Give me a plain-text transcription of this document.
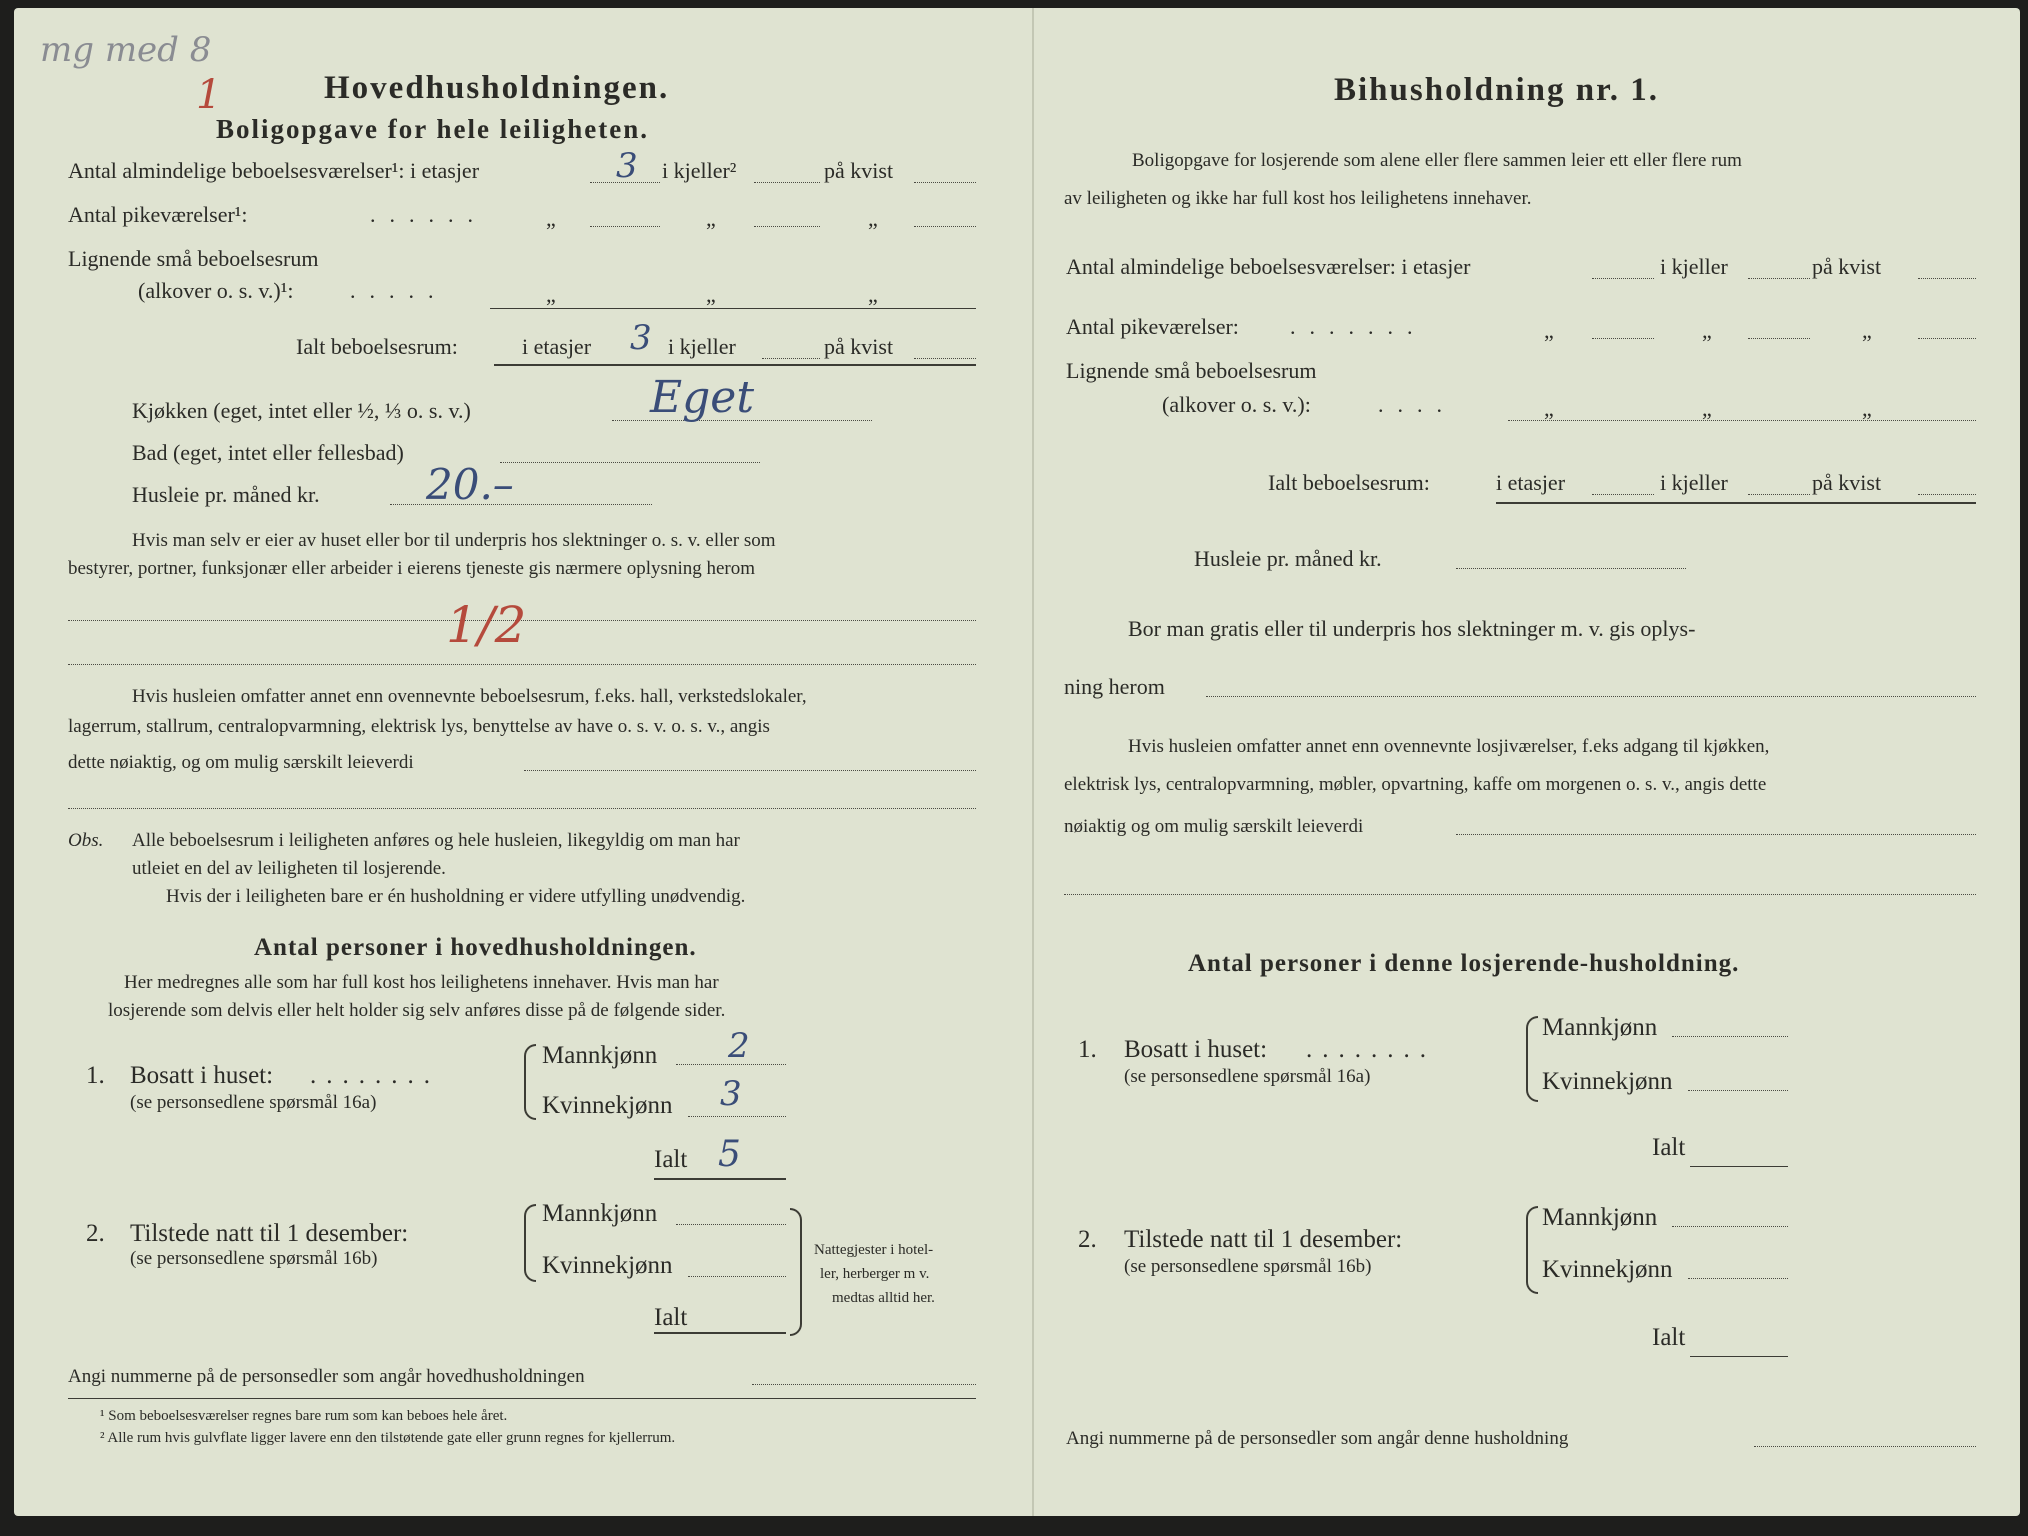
mg med 8
1	Hovedhusholdningen.
Boligopgave for hele leiligheten.
Antal almindelige beboelsesværelser¹: i etasjer	3 i kjeller²	på kvist
Antal pikeværelser¹:	......	„	„	„
Lignende små beboelsesrum
(alkover o. s. v.)¹:	.....	„	„	„
Ialt beboelsesrum:	i etasjer 3 i kjeller	på kvist
Kjøkken (eget, intet eller ½, ⅓ o. s. v.)	Eget
Bad (eget, intet eller fellesbad)
Husleie pr. måned kr.	20.–
Hvis man selv er eier av huset eller bor til underpris hos slektninger o. s. v. eller som
bestyrer, portner, funksjonær eller arbeider i eierens tjeneste gis nærmere oplysning herom
1/2
Hvis husleien omfatter annet enn ovennevnte beboelsesrum, f.eks. hall, verkstedslokaler,
lagerrum, stallrum, centralopvarmning, elektrisk lys, benyttelse av have o. s. v. o. s. v., angis
dette nøiaktig, og om mulig særskilt leieverdi
Obs. Alle beboelsesrum i leiligheten anføres og hele husleien, likegyldig om man har
utleiet en del av leiligheten til losjerende.
Hvis der i leiligheten bare er én husholdning er videre utfylling unødvendig.
Antal personer i hovedhusholdningen.
Her medregnes alle som har full kost hos leilighetens innehaver. Hvis man har
losjerende som delvis eller helt holder sig selv anføres disse på de følgende sider.
1. Bosatt i huset: ........
(se personsedlene spørsmål 16a)
Mannkjønn 2
Kvinnekjønn 3
Ialt 5
2. Tilstede natt til 1 desember:
(se personsedlene spørsmål 16b)
Mannkjønn
Kvinnekjønn
Ialt
Nattegjester i hotel-
ler, herberger m v.
medtas alltid her.
Angi nummerne på de personsedler som angår hovedhusholdningen
¹ Som beboelsesværelser regnes bare rum som kan beboes hele året.
² Alle rum hvis gulvflate ligger lavere enn den tilstøtende gate eller grunn regnes for kjellerrum.
Bihusholdning nr. 1.
Boligopgave for losjerende som alene eller flere sammen leier ett eller flere rum
av leiligheten og ikke har full kost hos leilighetens innehaver.
Antal almindelige beboelsesværelser: i etasjer	i kjeller	på kvist
Antal pikeværelser: .......	„	„	„
Lignende små beboelsesrum
(alkover o. s. v.):	....	„	„	„
Ialt beboelsesrum:	i etasjer	i kjeller	på kvist
Husleie pr. måned kr.
Bor man gratis eller til underpris hos slektninger m. v. gis oplys-
ning herom
Hvis husleien omfatter annet enn ovennevnte losjiværelser, f.eks adgang til kjøkken,
elektrisk lys, centralopvarmning, møbler, opvartning, kaffe om morgenen o. s. v., angis dette
nøiaktig og om mulig særskilt leieverdi
Antal personer i denne losjerende-husholdning.
1. Bosatt i huset: ........
(se personsedlene spørsmål 16a)
Mannkjønn
Kvinnekjønn
Ialt
2. Tilstede natt til 1 desember:
(se personsedlene spørsmål 16b)
Mannkjønn
Kvinnekjønn
Ialt
Angi nummerne på de personsedler som angår denne husholdning
